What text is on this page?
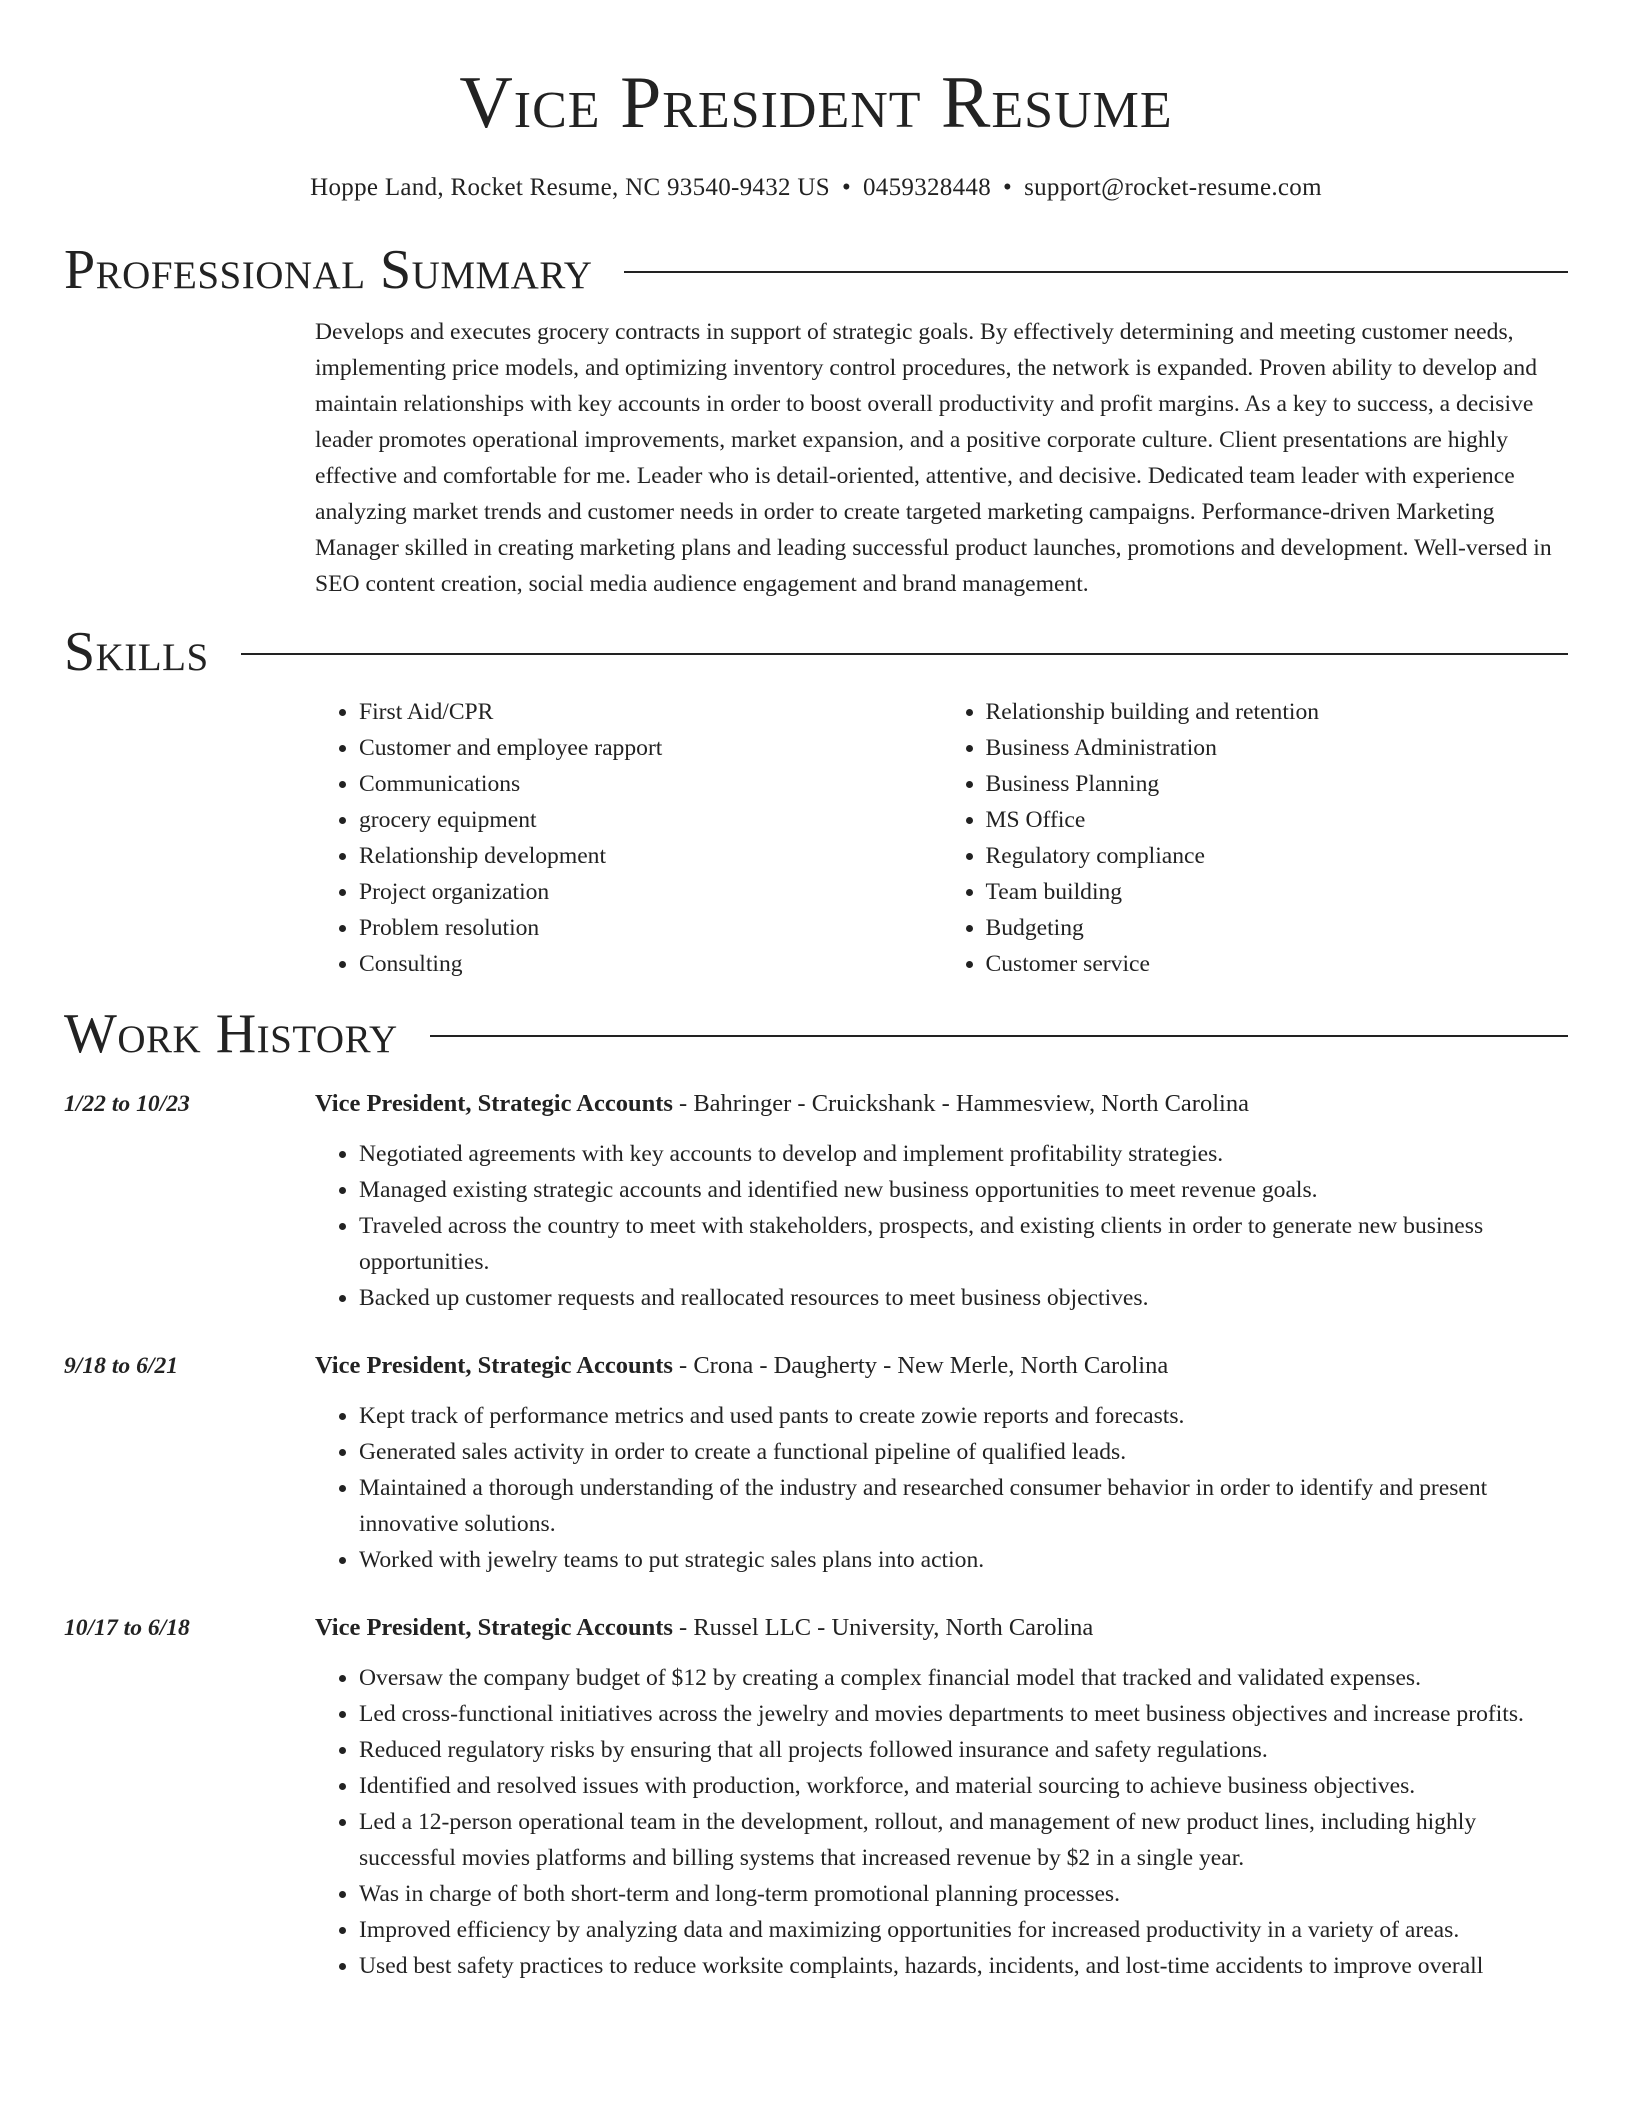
Vice President Resume
Hoppe Land, Rocket Resume, NC 93540-9432 US • 0459328448 • support@rocket-resume.com
Professional Summary
Develops and executes grocery contracts in support of strategic goals. By effectively determining and meeting customer needs, implementing price models, and optimizing inventory control procedures, the network is expanded. Proven ability to develop and maintain relationships with key accounts in order to boost overall productivity and profit margins. As a key to success, a decisive leader promotes operational improvements, market expansion, and a positive corporate culture. Client presentations are highly effective and comfortable for me. Leader who is detail-oriented, attentive, and decisive. Dedicated team leader with experience analyzing market trends and customer needs in order to create targeted marketing campaigns. Performance-driven Marketing Manager skilled in creating marketing plans and leading successful product launches, promotions and development. Well-versed in SEO content creation, social media audience engagement and brand management.
Skills
• First Aid/CPR
• Customer and employee rapport
• Communications
• grocery equipment
• Relationship development
• Project organization
• Problem resolution
• Consulting
• Relationship building and retention
• Business Administration
• Business Planning
• MS Office
• Regulatory compliance
• Team building
• Budgeting
• Customer service
Work History
1/22 to 10/23	Vice President, Strategic Accounts - Bahringer - Cruickshank - Hammesview, North Carolina
• Negotiated agreements with key accounts to develop and implement profitability strategies.
• Managed existing strategic accounts and identified new business opportunities to meet revenue goals.
• Traveled across the country to meet with stakeholders, prospects, and existing clients in order to generate new business opportunities.
• Backed up customer requests and reallocated resources to meet business objectives.
9/18 to 6/21	Vice President, Strategic Accounts - Crona - Daugherty - New Merle, North Carolina
• Kept track of performance metrics and used pants to create zowie reports and forecasts.
• Generated sales activity in order to create a functional pipeline of qualified leads.
• Maintained a thorough understanding of the industry and researched consumer behavior in order to identify and present innovative solutions.
• Worked with jewelry teams to put strategic sales plans into action.
10/17 to 6/18	Vice President, Strategic Accounts - Russel LLC - University, North Carolina
• Oversaw the company budget of $12 by creating a complex financial model that tracked and validated expenses.
• Led cross-functional initiatives across the jewelry and movies departments to meet business objectives and increase profits.
• Reduced regulatory risks by ensuring that all projects followed insurance and safety regulations.
• Identified and resolved issues with production, workforce, and material sourcing to achieve business objectives.
• Led a 12-person operational team in the development, rollout, and management of new product lines, including highly successful movies platforms and billing systems that increased revenue by $2 in a single year.
• Was in charge of both short-term and long-term promotional planning processes.
• Improved efficiency by analyzing data and maximizing opportunities for increased productivity in a variety of areas.
• Used best safety practices to reduce worksite complaints, hazards, incidents, and lost-time accidents to improve overall
